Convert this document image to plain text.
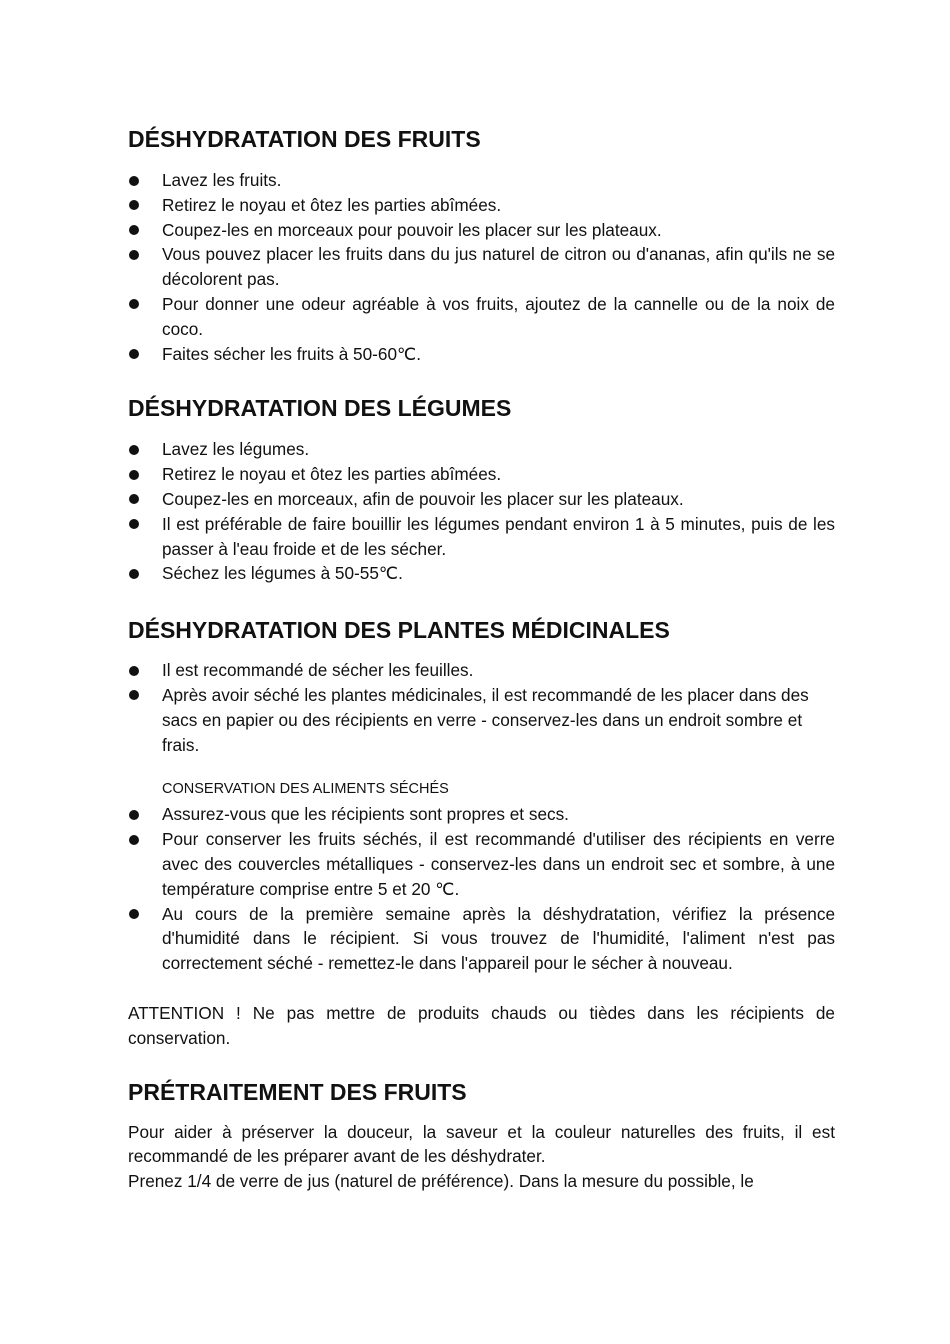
DÉSHYDRATATION DES FRUITS
Lavez les fruits.
Retirez le noyau et ôtez les parties abîmées.
Coupez-les en morceaux pour pouvoir les placer sur les plateaux.
Vous pouvez placer les fruits dans du jus naturel de citron ou d'ananas, afin qu'ils ne se décolorent pas.
Pour donner une odeur agréable à vos fruits, ajoutez de la cannelle ou de la noix de coco.
Faites sécher les fruits à 50-60℃.
DÉSHYDRATATION DES LÉGUMES
Lavez les légumes.
Retirez le noyau et ôtez les parties abîmées.
Coupez-les en morceaux, afin de pouvoir les placer sur les plateaux.
Il est préférable de faire bouillir les légumes pendant environ 1 à 5 minutes, puis de les passer à l'eau froide et de les sécher.
Séchez les légumes à 50-55℃.
DÉSHYDRATATION DES PLANTES MÉDICINALES
Il est recommandé de sécher les feuilles.
Après avoir séché les plantes médicinales, il est recommandé de les placer dans des sacs en papier ou des récipients en verre - conservez-les dans un endroit sombre et frais.

CONSERVATION DES ALIMENTS SÉCHÉS

Assurez-vous que les récipients sont propres et secs.
Pour conserver les fruits séchés, il est recommandé d'utiliser des récipients en verre avec des couvercles métalliques - conservez-les dans un endroit sec et sombre, à une température comprise entre 5 et 20 ℃.
Au cours de la première semaine après la déshydratation, vérifiez la présence d'humidité dans le récipient. Si vous trouvez de l'humidité, l'aliment n'est pas correctement séché - remettez-le dans l'appareil pour le sécher à nouveau.

ATTENTION ! Ne pas mettre de produits chauds ou tièdes dans les récipients de conservation.

PRÉTRAITEMENT DES FRUITS

Pour aider à préserver la douceur, la saveur et la couleur naturelles des fruits, il est recommandé de les préparer avant de les déshydrater.

Prenez 1/4 de verre de jus (naturel de préférence). Dans la mesure du possible, le
